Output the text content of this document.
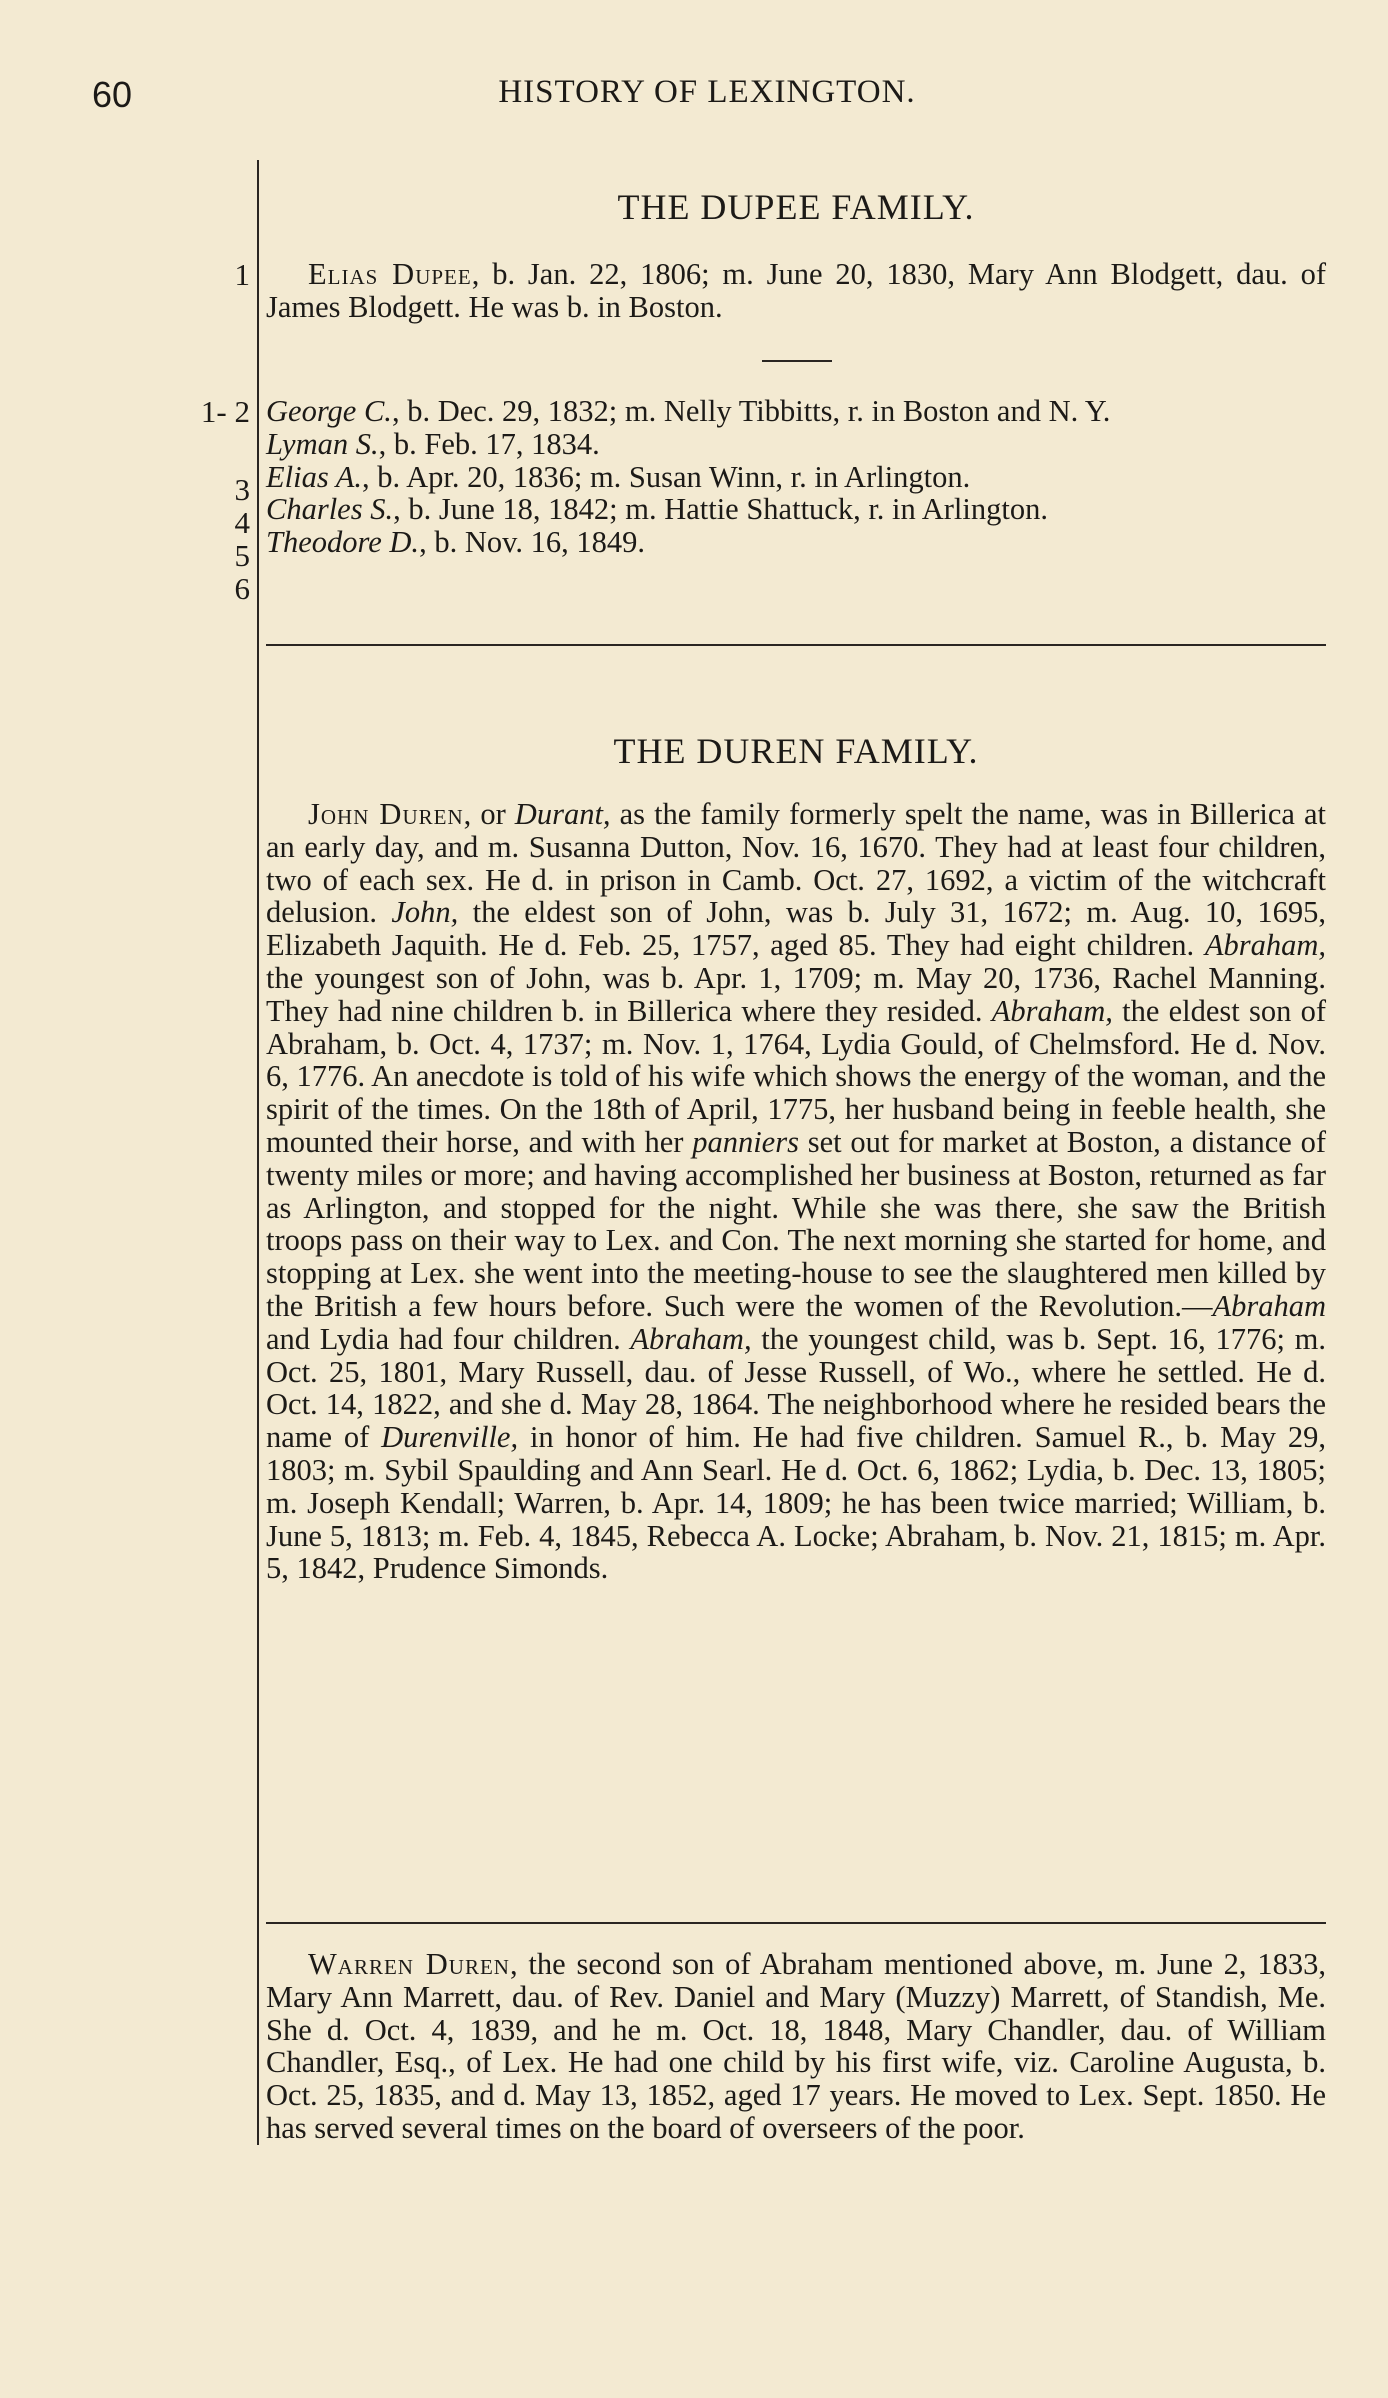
60	HISTORY OF LEXINGTON.
THE DUPEE FAMILY.
1
1- 2
3
4
5
6
Elias Dupee, b. Jan. 22, 1806; m. June 20, 1830, Mary Ann Blodgett, dau. of James Blodgett. He was b. in Boston.
George C., b. Dec. 29, 1832; m. Nelly Tibbitts, r. in Boston and N. Y.
Lyman S., b. Feb. 17, 1834.
Elias A., b. Apr. 20, 1836; m. Susan Winn, r. in Arlington.
Charles S., b. June 18, 1842; m. Hattie Shattuck, r. in Arlington.
Theodore D., b. Nov. 16, 1849.
THE DUREN FAMILY.
John Duren, or Durant, as the family formerly spelt the name, was in Billerica at an early day, and m. Susanna Dutton, Nov. 16, 1670. They had at least four children, two of each sex. He d. in prison in Camb. Oct. 27, 1692, a victim of the witchcraft delusion. John, the eldest son of John, was b. July 31, 1672; m. Aug. 10, 1695, Elizabeth Jaquith. He d. Feb. 25, 1757, aged 85. They had eight children. Abraham, the youngest son of John, was b. Apr. 1, 1709; m. May 20, 1736, Rachel Manning. They had nine children b. in Billerica where they resided. Abraham, the eldest son of Abraham, b. Oct. 4, 1737; m. Nov. 1, 1764, Lydia Gould, of Chelmsford. He d. Nov. 6, 1776. An anecdote is told of his wife which shows the energy of the woman, and the spirit of the times. On the 18th of April, 1775, her husband being in feeble health, she mounted their horse, and with her panniers set out for market at Boston, a distance of twenty miles or more; and having accomplished her business at Boston, returned as far as Arlington, and stopped for the night. While she was there, she saw the British troops pass on their way to Lex. and Con. The next morning she started for home, and stopping at Lex. she went into the meeting-house to see the slaughtered men killed by the British a few hours before. Such were the women of the Revolution.—Abraham and Lydia had four children. Abraham, the youngest child, was b. Sept. 16, 1776; m. Oct. 25, 1801, Mary Russell, dau. of Jesse Russell, of Wo., where he settled. He d. Oct. 14, 1822, and she d. May 28, 1864. The neighborhood where he resided bears the name of Durenville, in honor of him. He had five children. Samuel R., b. May 29, 1803; m. Sybil Spaulding and Ann Searl. He d. Oct. 6, 1862; Lydia, b. Dec. 13, 1805; m. Joseph Kendall; Warren, b. Apr. 14, 1809; he has been twice married; William, b. June 5, 1813; m. Feb. 4, 1845, Rebecca A. Locke; Abraham, b. Nov. 21, 1815; m. Apr. 5, 1842, Prudence Simonds.
Warren Duren, the second son of Abraham mentioned above, m. June 2, 1833, Mary Ann Marrett, dau. of Rev. Daniel and Mary (Muzzy) Marrett, of Standish, Me. She d. Oct. 4, 1839, and he m. Oct. 18, 1848, Mary Chandler, dau. of William Chandler, Esq., of Lex. He had one child by his first wife, viz. Caroline Augusta, b. Oct. 25, 1835, and d. May 13, 1852, aged 17 years. He moved to Lex. Sept. 1850. He has served several times on the board of overseers of the poor.
